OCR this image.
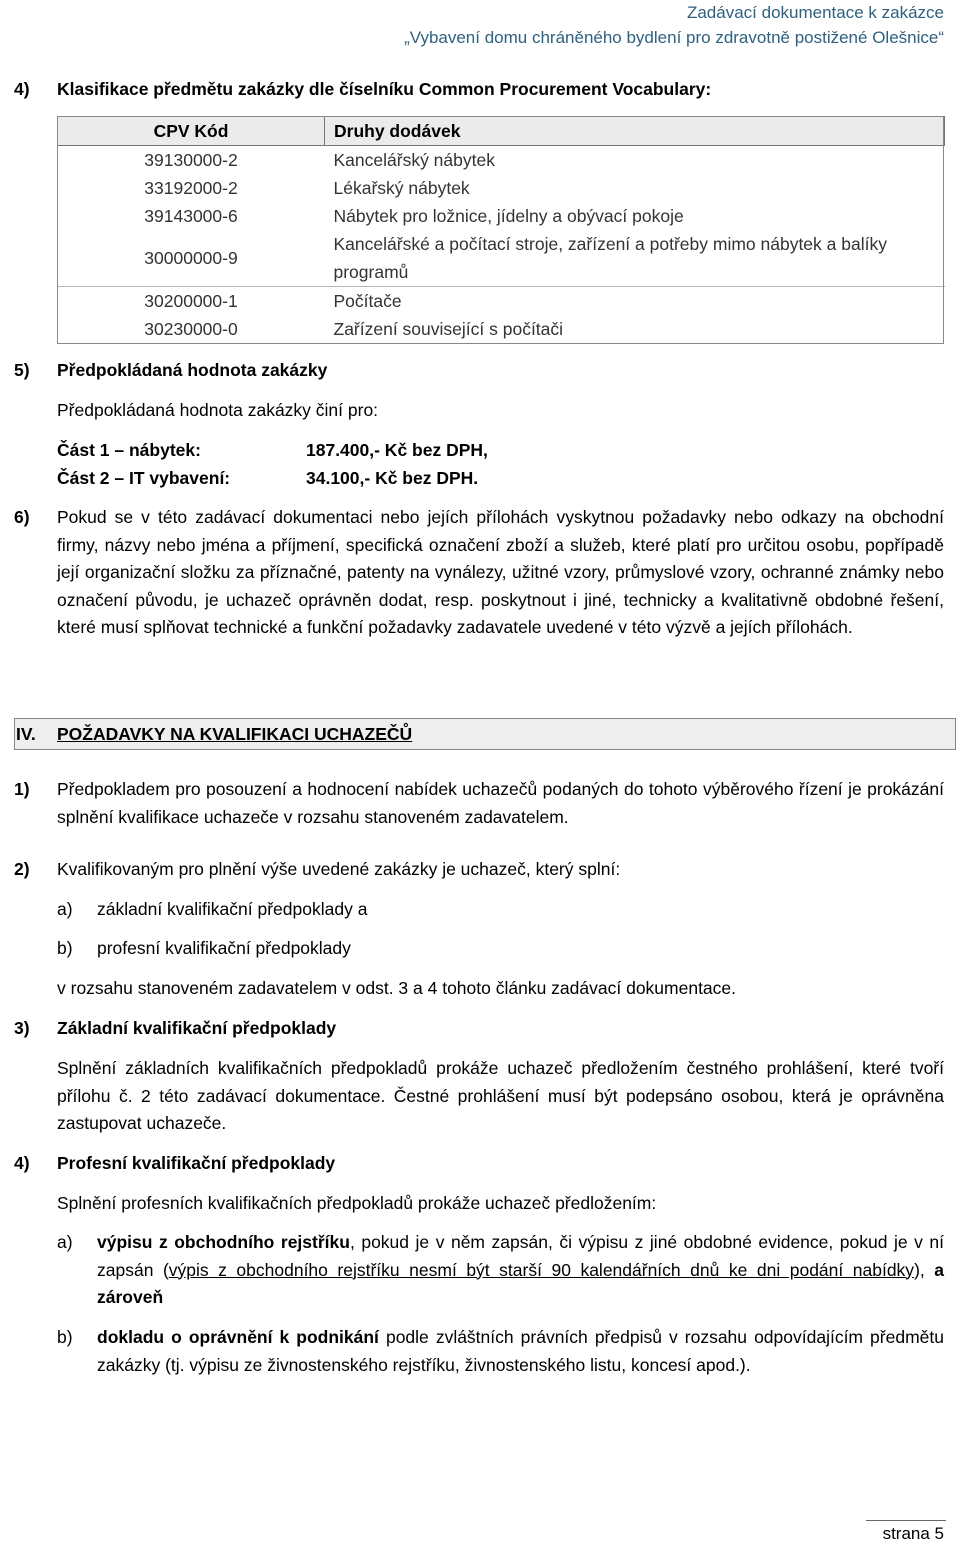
Zadávací dokumentace k zakázce
„Vybavení domu chráněného bydlení pro zdravotně postižené Olešnice“
4) Klasifikace předmětu zakázky dle číselníku Common Procurement Vocabulary:
CPV Kód	Druhy dodávek
39130000-2	Kancelářský nábytek
33192000-2	Lékařský nábytek
39143000-6	Nábytek pro ložnice, jídelny a obývací pokoje
30000000-9	Kancelářské a počítací stroje, zařízení a potřeby mimo nábytek a balíky programů
30200000-1	Počítače
30230000-0	Zařízení související s počítači
5) Předpokládaná hodnota zakázky
Předpokládaná hodnota zakázky činí pro:
Část 1 – nábytek:	187.400,- Kč bez DPH,
Část 2 – IT vybavení:	34.100,- Kč bez DPH.
6) Pokud se v této zadávací dokumentaci nebo jejích přílohách vyskytnou požadavky nebo odkazy na obchodní firmy, názvy nebo jména a příjmení, specifická označení zboží a služeb, které platí pro určitou osobu, popřípadě její organizační složku za příznačné, patenty na vynálezy, užitné vzory, průmyslové vzory, ochranné známky nebo označení původu, je uchazeč oprávněn dodat, resp. poskytnout i jiné, technicky a kvalitativně obdobné řešení, které musí splňovat technické a funkční požadavky zadavatele uvedené v této výzvě a jejích přílohách.
IV. POŽADAVKY NA KVALIFIKACI UCHAZEČŮ
1) Předpokladem pro posouzení a hodnocení nabídek uchazečů podaných do tohoto výběrového řízení je prokázání splnění kvalifikace uchazeče v rozsahu stanoveném zadavatelem.
2) Kvalifikovaným pro plnění výše uvedené zakázky je uchazeč, který splní:
a) základní kvalifikační předpoklady a
b) profesní kvalifikační předpoklady
v rozsahu stanoveném zadavatelem v odst. 3 a 4 tohoto článku zadávací dokumentace.
3) Základní kvalifikační předpoklady
Splnění základních kvalifikačních předpokladů prokáže uchazeč předložením čestného prohlášení, které tvoří přílohu č. 2 této zadávací dokumentace. Čestné prohlášení musí být podepsáno osobou, která je oprávněna zastupovat uchazeče.
4) Profesní kvalifikační předpoklady
Splnění profesních kvalifikačních předpokladů prokáže uchazeč předložením:
a) výpisu z obchodního rejstříku, pokud je v něm zapsán, či výpisu z jiné obdobné evidence, pokud je v ní zapsán (výpis z obchodního rejstříku nesmí být starší 90 kalendářních dnů ke dni podání nabídky), a zároveň
b) dokladu o oprávnění k podnikání podle zvláštních právních předpisů v rozsahu odpovídajícím předmětu zakázky (tj. výpisu ze živnostenského rejstříku, živnostenského listu, koncesí apod.).
strana 5
